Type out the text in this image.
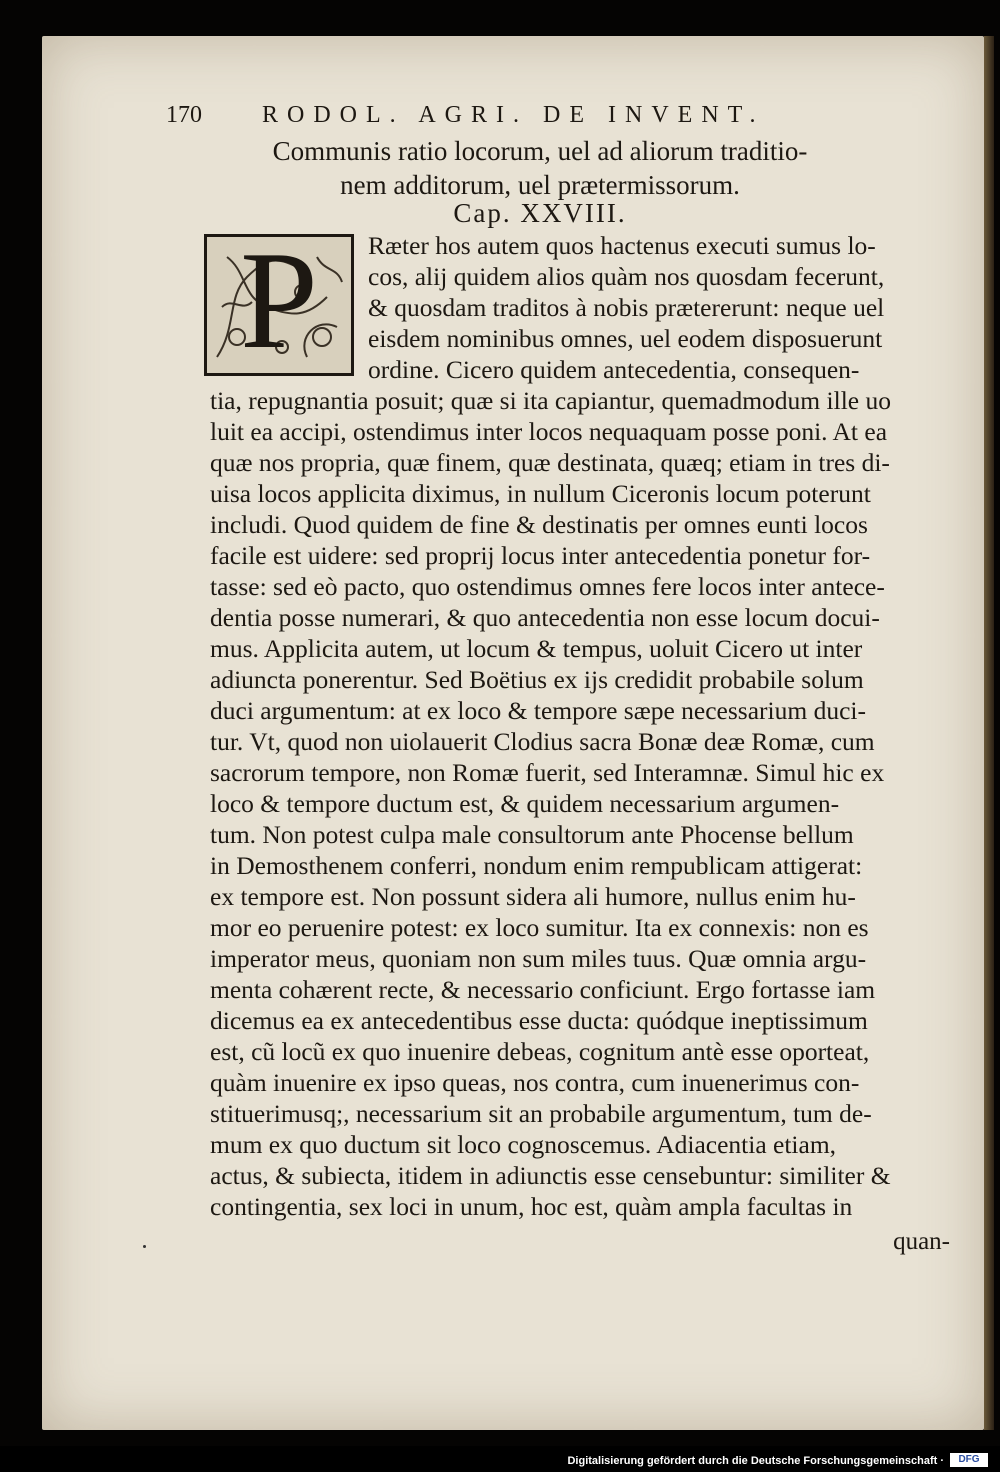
170	RODOL. AGRI. DE INVENT.
Communis ratio locorum, uel ad aliorum traditio-
nem additorum, uel prætermissorum.
Cap. XXVIII.
P	Ræter hos autem quos hactenus executi sumus lo-
cos, alij quidem alios quàm nos quosdam fecerunt,
& quosdam traditos à nobis prætererunt: neque uel
eisdem nominibus omnes, uel eodem disposuerunt
ordine. Cicero quidem antecedentia, consequen-
tia, repugnantia posuit; quæ si ita capiantur, quemadmodum ille uo
luit ea accipi, ostendimus inter locos nequaquam posse poni. At ea
quæ nos propria, quæ finem, quæ destinata, quæq; etiam in tres di-
uisa locos applicita diximus, in nullum Ciceronis locum poterunt
includi. Quod quidem de fine & destinatis per omnes eunti locos
facile est uidere: sed proprij locus inter antecedentia ponetur for-
tasse: sed eò pacto, quo ostendimus omnes fere locos inter antece-
dentia posse numerari, & quo antecedentia non esse locum docui-
mus. Applicita autem, ut locum & tempus, uoluit Cicero ut inter
adiuncta ponerentur. Sed Boëtius ex ijs credidit probabile solum
duci argumentum: at ex loco & tempore sæpe necessarium duci-
tur. Vt, quod non uiolauerit Clodius sacra Bonæ deæ Romæ, cum
sacrorum tempore, non Romæ fuerit, sed Interamnæ. Simul hic ex
loco & tempore ductum est, & quidem necessarium argumen-
tum. Non potest culpa male consultorum ante Phocense bellum
in Demosthenem conferri, nondum enim rempublicam attigerat:
ex tempore est. Non possunt sidera ali humore, nullus enim hu-
mor eo peruenire potest: ex loco sumitur. Ita ex connexis: non es
imperator meus, quoniam non sum miles tuus. Quæ omnia argu-
menta cohærent recte, & necessario conficiunt. Ergo fortasse iam
dicemus ea ex antecedentibus esse ducta: quódque ineptissimum
est, cũ locũ ex quo inuenire debeas, cognitum antè esse oporteat,
quàm inuenire ex ipso queas, nos contra, cum inuenerimus con-
stituerimusq;, necessarium sit an probabile argumentum, tum de-
mum ex quo ductum sit loco cognoscemus. Adiacentia etiam,
actus, & subiecta, itidem in adiunctis esse censebuntur: similiter &
contingentia, sex loci in unum, hoc est, quàm ampla facultas in
quan-
Digitalisierung gefördert durch die Deutsche Forschungsgemeinschaft ·	DFG
